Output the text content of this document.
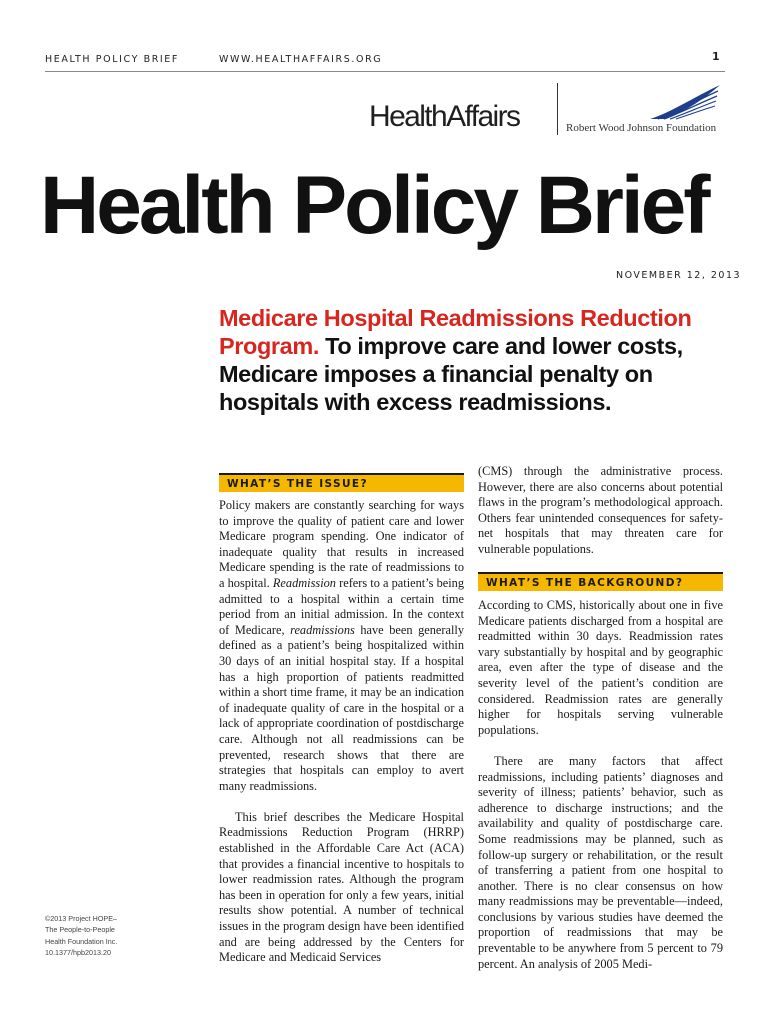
HEALTH POLICY BRIEF	WWW.HEALTHAFFAIRS.ORG	1
HealthAffairs	Robert Wood Johnson Foundation
Health Policy Brief
NOVEMBER 12, 2013
Medicare Hospital Readmissions Reduction Program. To improve care and lower costs, Medicare imposes a financial penalty on hospitals with excess readmissions.
WHAT’S THE ISSUE?

Policy makers are constantly searching for ways to improve the quality of patient care and lower Medicare program spending. One indicator of inadequate quality that results in increased Medicare spending is the rate of readmissions to a hospital. Readmission refers to a patient’s being admitted to a hospital within a certain time period from an initial admission. In the context of Medicare, readmissions have been generally defined as a patient’s being hospitalized within 30 days of an initial hospital stay. If a hospital has a high proportion of patients readmitted within a short time frame, it may be an indication of inadequate quality of care in the hospital or a lack of appropriate coordination of postdischarge care. Although not all readmissions can be prevented, research shows that there are strategies that hospitals can employ to avert many readmissions.

This brief describes the Medicare Hospital Readmissions Reduction Program (HRRP) established in the Affordable Care Act (ACA) that provides a financial incentive to hospitals to lower readmission rates. Although the program has been in operation for only a few years, initial results show potential. A number of technical issues in the program design have been identified and are being addressed by the Centers for Medicare and Medicaid Services

(CMS) through the administrative process. However, there are also concerns about potential flaws in the program’s methodological approach. Others fear unintended consequences for safety-net hospitals that may threaten care for vulnerable populations.
WHAT’S THE BACKGROUND?

According to CMS, historically about one in five Medicare patients discharged from a hospital are readmitted within 30 days. Readmission rates vary substantially by hospital and by geographic area, even after the type of disease and the severity level of the patient’s condition are considered. Readmission rates are generally higher for hospitals serving vulnerable populations.

There are many factors that affect readmissions, including patients’ diagnoses and severity of illness; patients’ behavior, such as adherence to discharge instructions; and the availability and quality of postdischarge care. Some readmissions may be planned, such as follow-up surgery or rehabilitation, or the result of transferring a patient from one hospital to another. There is no clear consensus on how many readmissions may be preventable—indeed, conclusions by various studies have deemed the proportion of readmissions that may be preventable to be anywhere from 5 percent to 79 percent. An analysis of 2005 Medi-

©2013 Project HOPE–
The People-to-People
Health Foundation Inc.
10.1377/hpb2013.20
